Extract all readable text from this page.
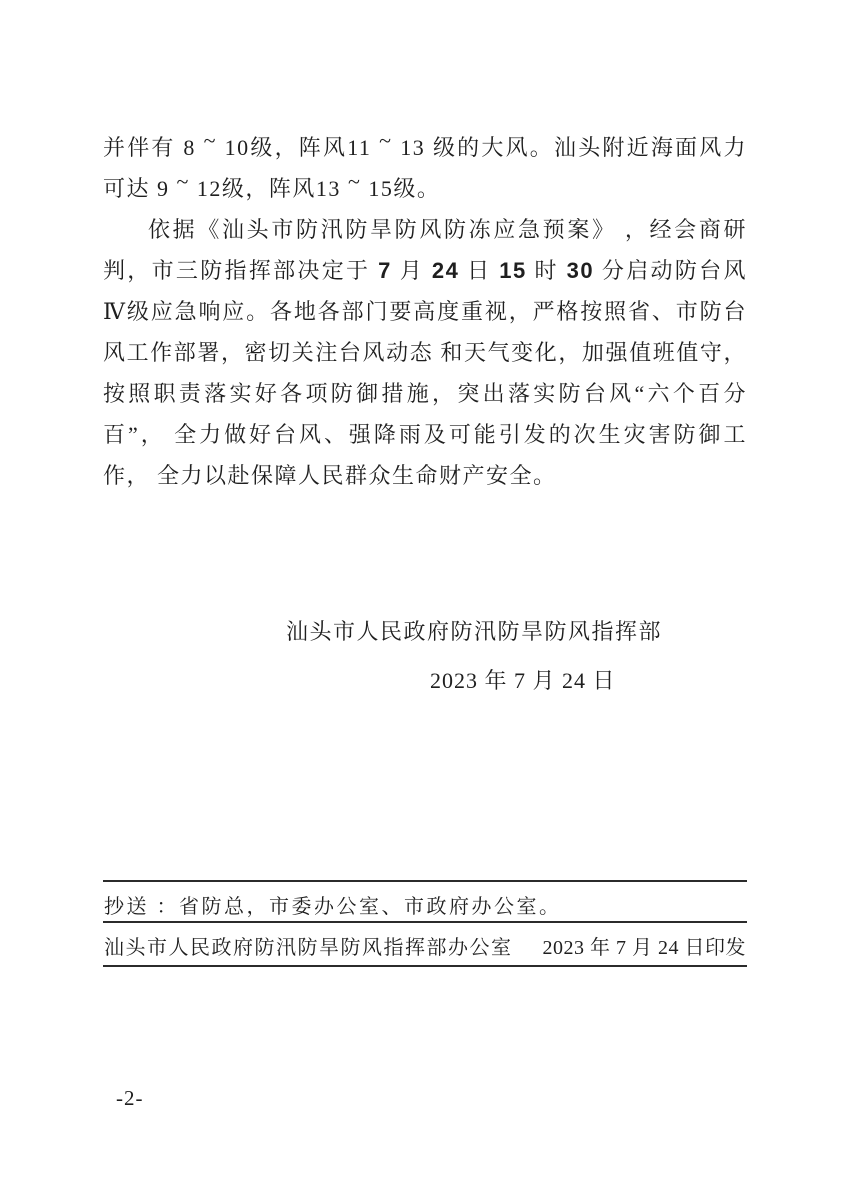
并伴有 8 ~ 10级，阵风11 ~ 13 级的大风。汕头附近海面风力可达 9 ~ 12级，阵风13 ~ 15级。

依据《汕头市防汛防旱防风防冻应急预案》 ，经会商研判，市三防指挥部决定于 7 月 24 日 15 时 30 分启动防台风Ⅳ级应急响应。各地各部门要高度重视，严格按照省、市防台风工作部署，密切关注台风动态 和天气变化，加强值班值守， 按照职责落实好各项防御措施，突出落实防台风“六个百分百”， 全力做好台风、强降雨及可能引发的次生灾害防御工作， 全力以赴保障人民群众生命财产安全。

汕头市人民政府防汛防旱防风指挥部
2023 年 7 月 24 日
抄送 ：省防总，市委办公室、市政府办公室。
汕头市人民政府防汛防旱防风指挥部办公室 2023 年 7 月 24 日印发
-2-
